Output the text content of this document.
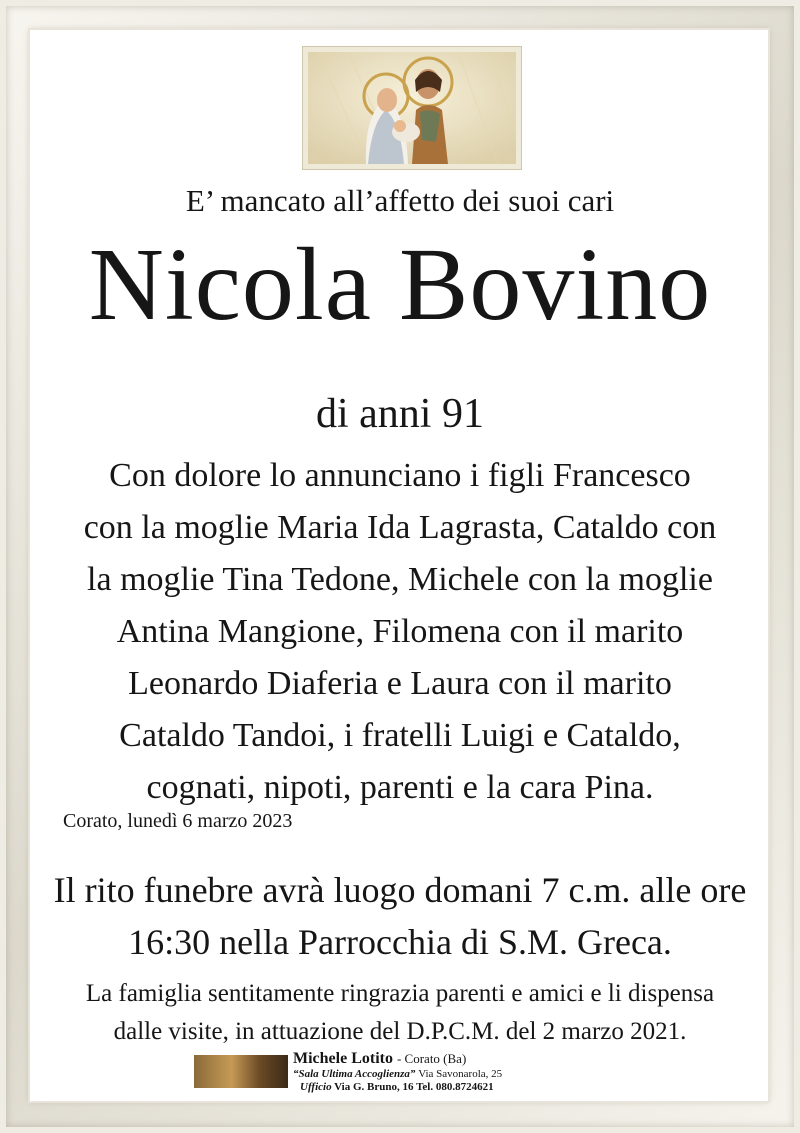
E’ mancato all’affetto dei suoi cari
Nicola Bovino
di anni 91
Con dolore lo annunciano i figli Francesco
con la moglie Maria Ida Lagrasta, Cataldo con
la moglie Tina Tedone, Michele con la moglie
Antina Mangione, Filomena con il marito
Leonardo Diaferia e Laura con il marito
Cataldo Tandoi, i fratelli Luigi e Cataldo,
cognati, nipoti, parenti e la cara Pina.
Corato, lunedì 6 marzo 2023
Il rito funebre avrà luogo domani 7 c.m. alle ore
16:30 nella Parrocchia di S.M. Greca.
La famiglia sentitamente ringrazia parenti e amici e li dispensa
dalle visite, in attuazione del D.P.C.M. del 2 marzo 2021.
Michele Lotito - Corato (Ba)
“Sala Ultima Accoglienza” Via Savonarola, 25
Ufficio Via G. Bruno, 16 Tel. 080.8724621
